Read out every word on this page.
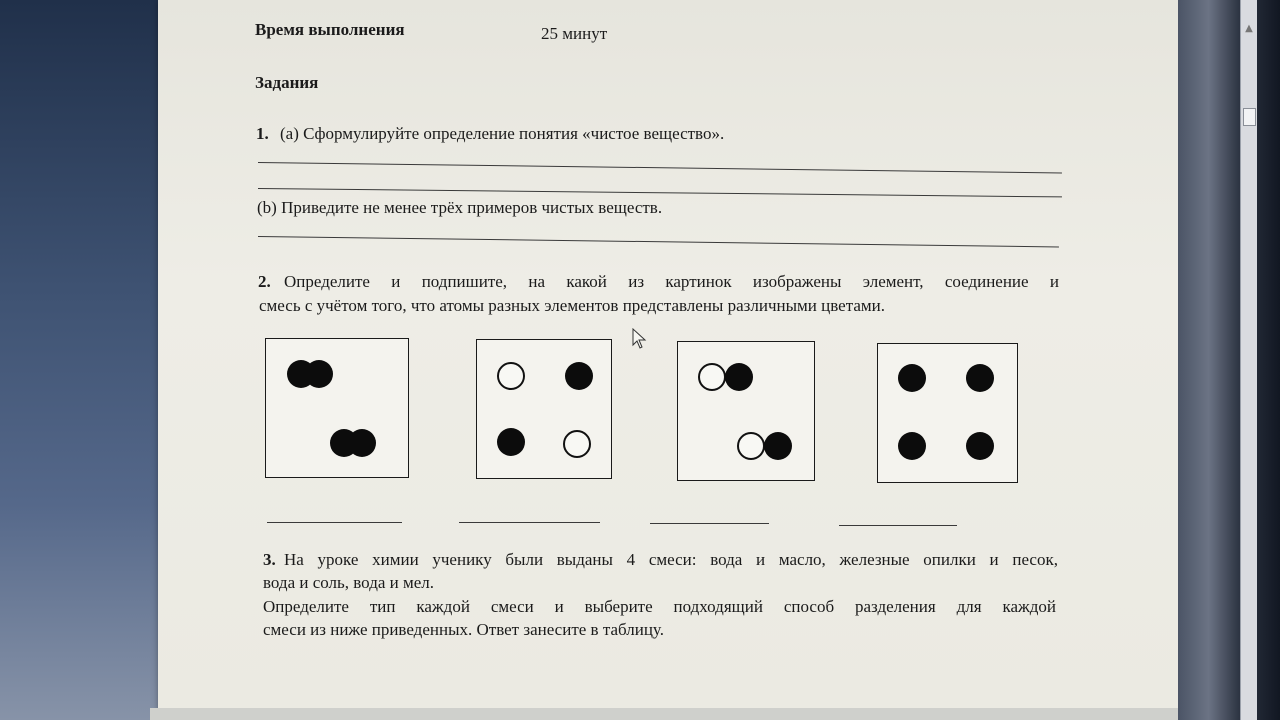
▲
Время выполнения	25 минут
Задания
1. (a) Сформулируйте определение понятия «чистое вещество».
(b) Приведите не менее трёх примеров чистых веществ.
2. Определите и подпишите, на какой из картинок изображены элемент, соединение и
смесь с учётом того, что атомы разных элементов представлены различными цветами.
3. На уроке химии ученику были выданы 4 смеси: вода и масло, железные опилки и песок,
вода и соль, вода и мел.
Определите тип каждой смеси и выберите подходящий способ разделения для каждой
смеси из ниже приведенных. Ответ занесите в таблицу.
